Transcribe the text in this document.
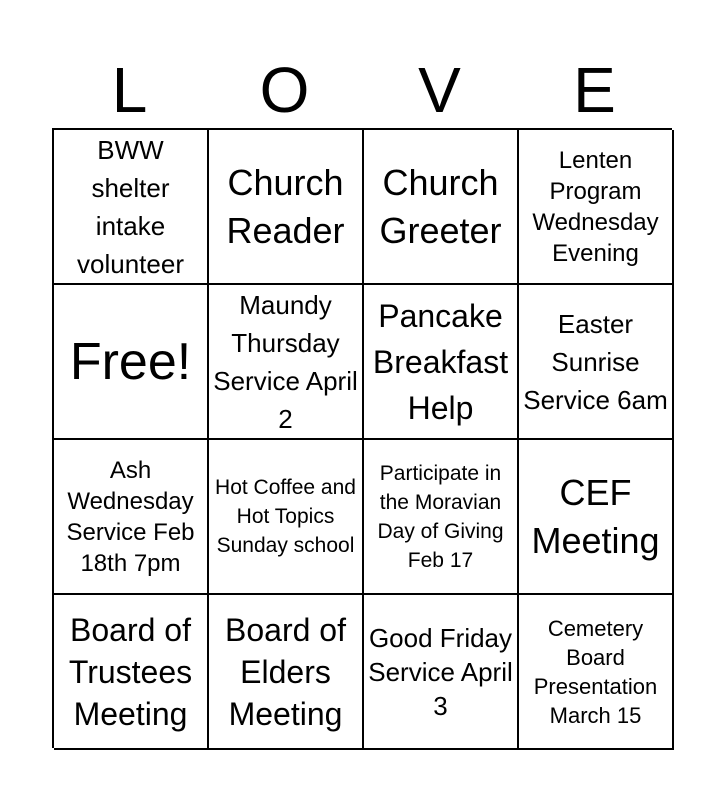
L	O	V	E
BWW shelter intake volunteer
Church Reader
Church Greeter
Lenten Program Wednesday Evening
Free!
Maundy Thursday Service April 2
Pancake Breakfast Help
Easter Sunrise Service 6am
Ash Wednesday Service Feb 18th 7pm
Hot Coffee and Hot Topics Sunday school
Participate in the Moravian Day of Giving Feb 17
CEF Meeting
Board of Trustees Meeting
Board of Elders Meeting
Good Friday Service April 3
Cemetery Board Presentation March 15
